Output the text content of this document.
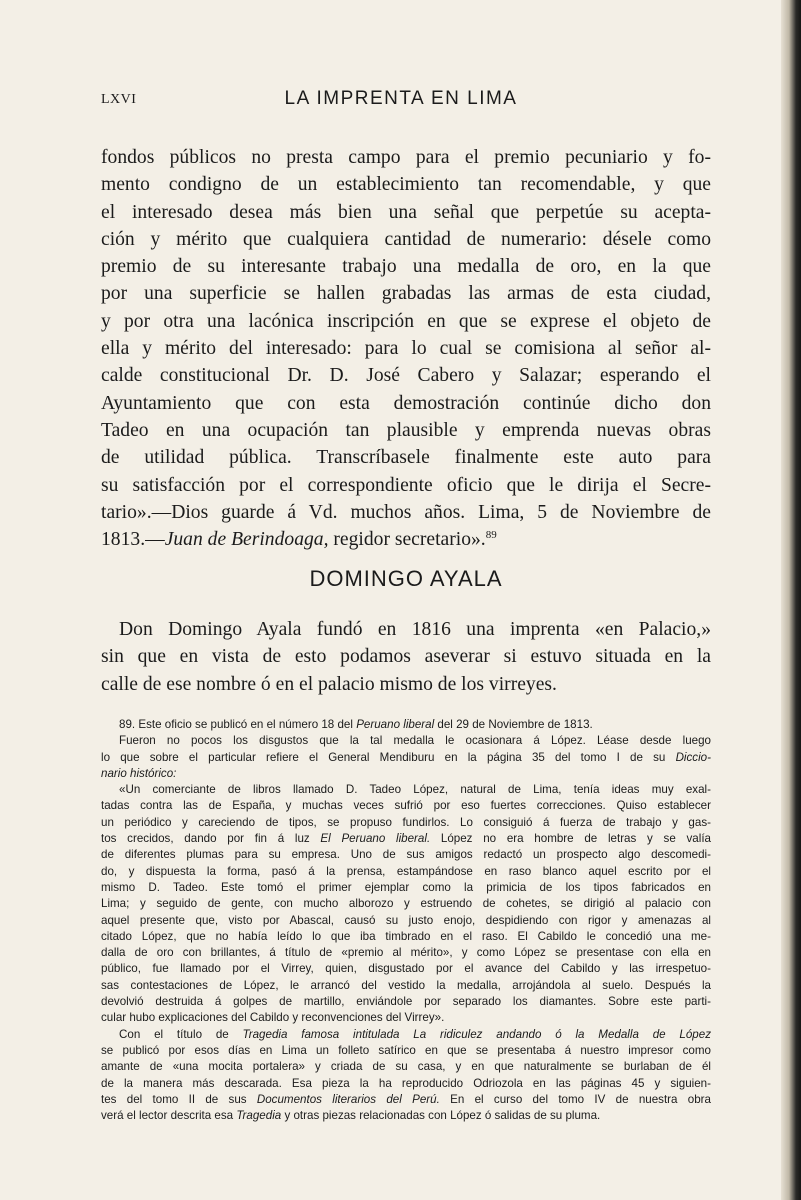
LXVI	LA IMPRENTA EN LIMA
fondos públicos no presta campo para el premio pecuniario y fo-
mento condigno de un establecimiento tan recomendable, y que
el interesado desea más bien una señal que perpetúe su acepta-
ción y mérito que cualquiera cantidad de numerario: désele como
premio de su interesante trabajo una medalla de oro, en la que
por una superficie se hallen grabadas las armas de esta ciudad,
y por otra una lacónica inscripción en que se exprese el objeto de
ella y mérito del interesado: para lo cual se comisiona al señor al-
calde constitucional Dr. D. José Cabero y Salazar; esperando el
Ayuntamiento que con esta demostración continúe dicho don
Tadeo en una ocupación tan plausible y emprenda nuevas obras
de utilidad pública. Transcríbasele finalmente este auto para
su satisfacción por el correspondiente oficio que le dirija el Secre-
tario».—Dios guarde á Vd. muchos años. Lima, 5 de Noviembre de
1813.—Juan de Berindoaga, regidor secretario».$^{89}$
DOMINGO AYALA
Don Domingo Ayala fundó en 1816 una imprenta «en Palacio,»
sin que en vista de esto podamos aseverar si estuvo situada en la
calle de ese nombre ó en el palacio mismo de los virreyes.
89. Este oficio se publicó en el número 18 del Peruano liberal del 29 de Noviembre de 1813.
Fueron no pocos los disgustos que la tal medalla le ocasionara á López. Léase desde luego
lo que sobre el particular refiere el General Mendiburu en la página 35 del tomo I de su Diccio-
nario histórico:
«Un comerciante de libros llamado D. Tadeo López, natural de Lima, tenía ideas muy exal-
tadas contra las de España, y muchas veces sufrió por eso fuertes correcciones. Quiso establecer
un periódico y careciendo de tipos, se propuso fundirlos. Lo consiguió á fuerza de trabajo y gas-
tos crecidos, dando por fin á luz El Peruano liberal. López no era hombre de letras y se valía
de diferentes plumas para su empresa. Uno de sus amigos redactó un prospecto algo descomedi-
do, y dispuesta la forma, pasó á la prensa, estampándose en raso blanco aquel escrito por el
mismo D. Tadeo. Este tomó el primer ejemplar como la primicia de los tipos fabricados en
Lima; y seguido de gente, con mucho alborozo y estruendo de cohetes, se dirigió al palacio con
aquel presente que, visto por Abascal, causó su justo enojo, despidiendo con rigor y amenazas al
citado López, que no había leído lo que iba timbrado en el raso. El Cabildo le concedió una me-
dalla de oro con brillantes, á título de «premio al mérito», y como López se presentase con ella en
público, fue llamado por el Virrey, quien, disgustado por el avance del Cabildo y las irrespetuo-
sas contestaciones de López, le arrancó del vestido la medalla, arrojándola al suelo. Después la
devolvió destruida á golpes de martillo, enviándole por separado los diamantes. Sobre este parti-
cular hubo explicaciones del Cabildo y reconvenciones del Virrey».
Con el título de Tragedia famosa intitulada La ridiculez andando ó la Medalla de López
se publicó por esos días en Lima un folleto satírico en que se presentaba á nuestro impresor como
amante de «una mocita portalera» y criada de su casa, y en que naturalmente se burlaban de él
de la manera más descarada. Esa pieza la ha reproducido Odriozola en las páginas 45 y siguien-
tes del tomo II de sus Documentos literarios del Perú. En el curso del tomo IV de nuestra obra
verá el lector descrita esa Tragedia y otras piezas relacionadas con López ó salidas de su pluma.
